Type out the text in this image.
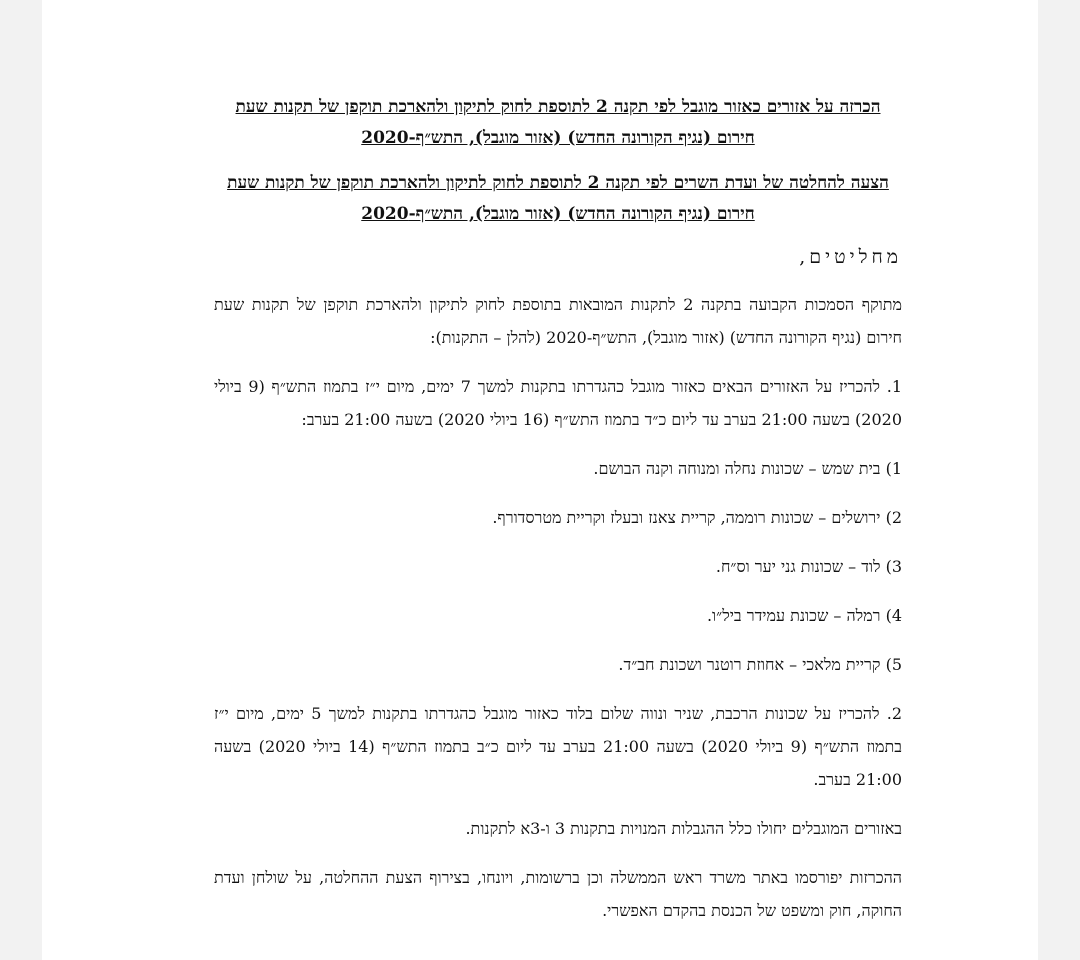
הכרזה על אזורים כאזור מוגבל לפי תקנה 2 לתוספת לחוק לתיקון ולהארכת תוקפן של תקנות שעת חירום (נגיף הקורונה החדש) (אזור מוגבל), התש״ף-2020

הצעה להחלטה של ועדת השרים לפי תקנה 2 לתוספת לחוק לתיקון ולהארכת תוקפן של תקנות שעת חירום (נגיף הקורונה החדש) (אזור מוגבל), התש״ף-2020

מחליטים,

מתוקף הסמכות הקבועה בתקנה 2 לתקנות המובאות בתוספת לחוק לתיקון ולהארכת תוקפן של תקנות שעת חירום (נגיף הקורונה החדש) (אזור מוגבל), התש״ף-2020 (להלן – התקנות):

1. להכריז על האזורים הבאים כאזור מוגבל כהגדרתו בתקנות למשך 7 ימים, מיום י״ז בתמוז התש״ף (9 ביולי 2020) בשעה 21:00 בערב עד ליום כ״ד בתמוז התש״ף (16 ביולי 2020) בשעה 21:00 בערב:

1) בית שמש – שכונות נחלה ומנוחה וקנה הבושם.

2) ירושלים – שכונות רוממה, קריית צאנז ובעלז וקריית מטרסדורף.

3) לוד – שכונות גני יער וס״ח.

4) רמלה – שכונת עמידר ביל״ו.

5) קריית מלאכי – אחוזת רוטנר ושכונת חב״ד.

2. להכריז על שכונות הרכבת, שניר ונווה שלום בלוד כאזור מוגבל כהגדרתו בתקנות למשך 5 ימים, מיום י״ז בתמוז התש״ף (9 ביולי 2020) בשעה 21:00 בערב עד ליום כ״ב בתמוז התש״ף (14 ביולי 2020) בשעה 21:00 בערב.

באזורים המוגבלים יחולו כלל ההגבלות המנויות בתקנות 3 ו-3א לתקנות.

ההכרזות יפורסמו באתר משרד ראש הממשלה וכן ברשומות, ויונחו, בצירוף הצעת ההחלטה, על שולחן ועדת החוקה, חוק ומשפט של הכנסת בהקדם האפשרי.
